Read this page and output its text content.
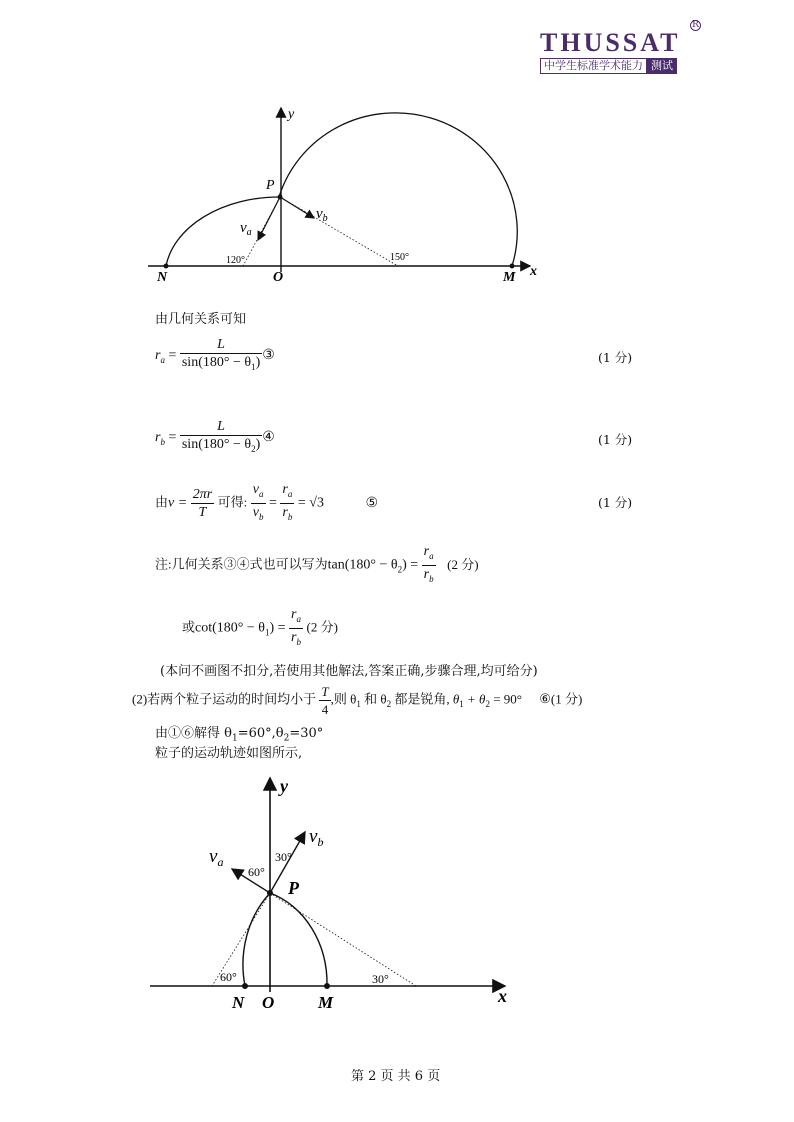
THUSSAT
R
中学生标准学术能力 测试
y
x
P
N	O	M
$v_a$
$v_b$
120°	150°
由几何关系可知
$r_a = \frac{L}{\sin(180^\circ - \theta_1)}$ ③	(1 分)
$r_b = \frac{L}{\sin(180^\circ - \theta_2)}$ ④	(1 分)
由$v = \frac{2\pi r}{T}$ 可得: $\frac{v_a}{v_b} = \frac{r_a}{r_b} = √3$	⑤	(1 分)
注:几何关系③④式也可以写为$\tan(180^\circ - \theta_2) = \frac{r_a}{r_b} (2$ 分)
或$\cot(180^\circ - \theta_1) = \frac{r_a}{r_b} (2$ 分)
(本问不画图不扣分,若使用其他解法,答案正确,步骤合理,均可给分)
(2)若两个粒子运动的时间均小于 $\frac{T}{4}$ ,则 $\theta_1$ 和 $\theta_2$ 都是锐角, $\theta_1 + \theta_2 = 90^\circ$ ⑥(1 分)
由①⑥解得 $\theta_1=60^\circ,\theta_2=30^\circ$
粒子的运动轨迹如图所示,
y
x
P
N O	M
$v_a$
$v_b$
60°
30°
60°	30°
第 2 页 共 6 页
